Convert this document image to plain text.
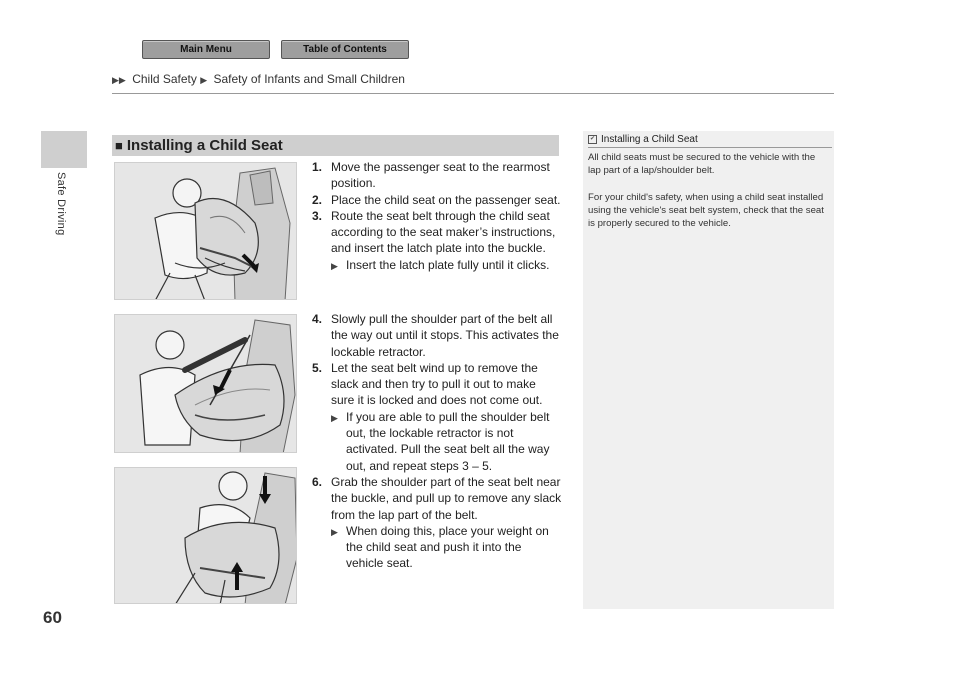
Main Menu	Table of Contents
▶▶ Child Safety ▶ Safety of Infants and Small Children
Safe Driving
60
■ Installing a Child Seat
1. Move the passenger seat to the rearmost position.
2. Place the child seat on the passenger seat.
3. Route the seat belt through the child seat according to the seat maker’s instructions, and insert the latch plate into the buckle.
▶ Insert the latch plate fully until it clicks.
4. Slowly pull the shoulder part of the belt all the way out until it stops. This activates the lockable retractor.
5. Let the seat belt wind up to remove the slack and then try to pull it out to make sure it is locked and does not come out.
▶ If you are able to pull the shoulder belt out, the lockable retractor is not activated. Pull the seat belt all the way out, and repeat steps 3 – 5.
6. Grab the shoulder part of the seat belt near the buckle, and pull up to remove any slack from the lap part of the belt.
▶ When doing this, place your weight on the child seat and push it into the vehicle seat.
✔ Installing a Child Seat
All child seats must be secured to the vehicle with the lap part of a lap/shoulder belt.
For your child's safety, when using a child seat installed using the vehicle's seat belt system, check that the seat is properly secured to the vehicle.
